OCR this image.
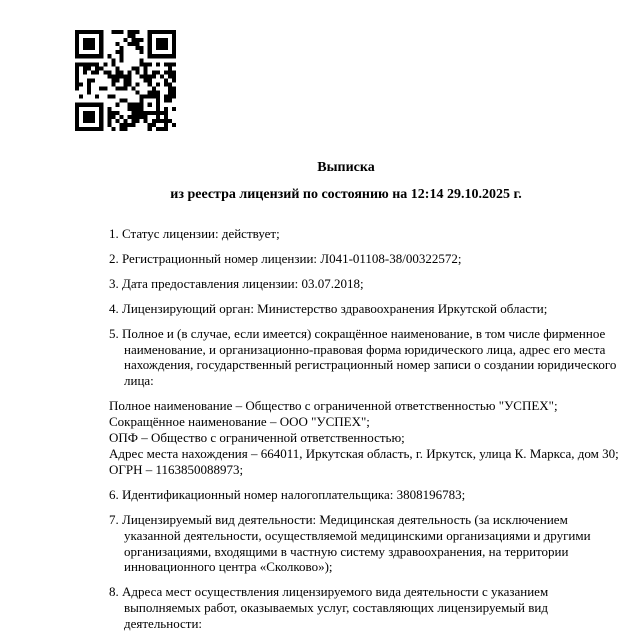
Выписка
из реестра лицензий по состоянию на 12:14 29.10.2025 г.

1. Статус лицензии: действует;

2. Регистрационный номер лицензии: Л041-01108-38/00322572;

3. Дата предоставления лицензии: 03.07.2018;

4. Лицензирующий орган: Министерство здравоохранения Иркутской области;

5. Полное и (в случае, если имеется) сокращённое наименование, в том числе фирменное наименование, и организационно-правовая форма юридического лица, адрес его места нахождения, государственный регистрационный номер записи о создании юридического лица:

Полное наименование – Общество с ограниченной ответственностью "УСПЕХ";
Сокращённое наименование – ООО "УСПЕХ";
ОПФ – Общество с ограниченной ответственностью;
Адрес места нахождения – 664011, Иркутская область, г. Иркутск, улица К. Маркса, дом 30;
ОГРН – 1163850088973;

6. Идентификационный номер налогоплательщика: 3808196783;

7. Лицензируемый вид деятельности: Медицинская деятельность (за исключением указанной деятельности, осуществляемой медицинскими организациями и другими организациями, входящими в частную систему здравоохранения, на территории инновационного центра «Сколково»);

8. Адреса мест осуществления лицензируемого вида деятельности с указанием выполняемых работ, оказываемых услуг, составляющих лицензируемый вид деятельности:
